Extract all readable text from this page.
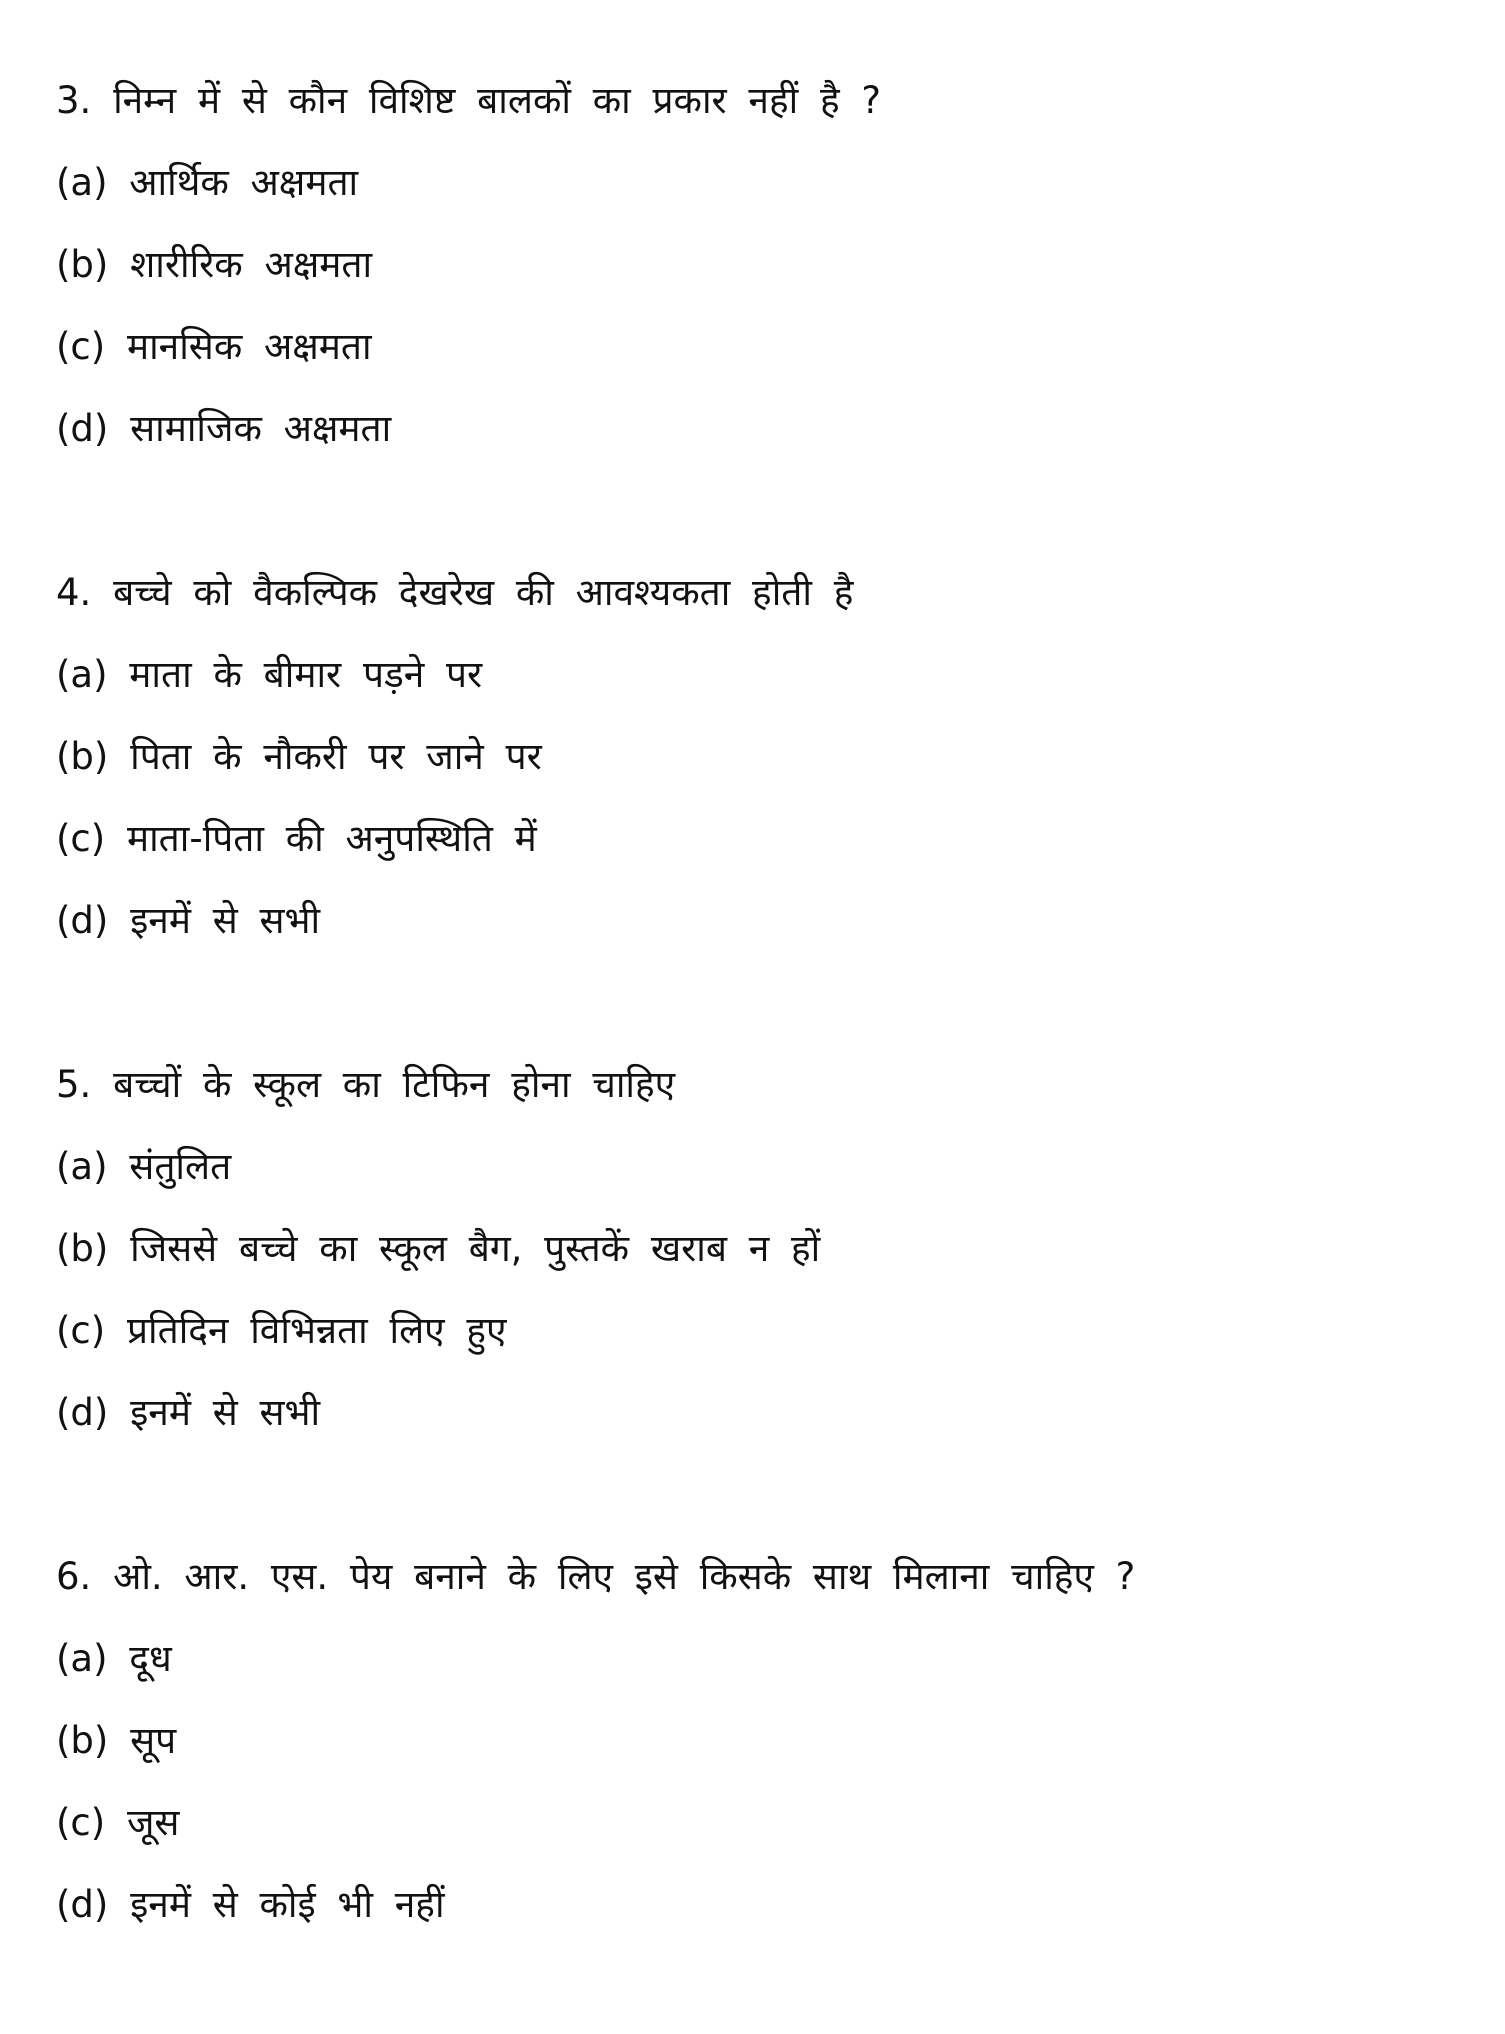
3. निम्न में से कौन विशिष्ट बालकों का प्रकार नहीं है ?
(a) आर्थिक अक्षमता
(b) शारीरिक अक्षमता
(c) मानसिक अक्षमता
(d) सामाजिक अक्षमता
4. बच्चे को वैकल्पिक देखरेख की आवश्यकता होती है
(a) माता के बीमार पड़ने पर
(b) पिता के नौकरी पर जाने पर
(c) माता-पिता की अनुपस्थिति में
(d) इनमें से सभी
5. बच्चों के स्कूल का टिफिन होना चाहिए
(a) संतुलित
(b) जिससे बच्चे का स्कूल बैग, पुस्तकें खराब न हों
(c) प्रतिदिन विभिन्नता लिए हुए
(d) इनमें से सभी
6. ओ. आर. एस. पेय बनाने के लिए इसे किसके साथ मिलाना चाहिए ?
(a) दूध
(b) सूप
(c) जूस
(d) इनमें से कोई भी नहीं
